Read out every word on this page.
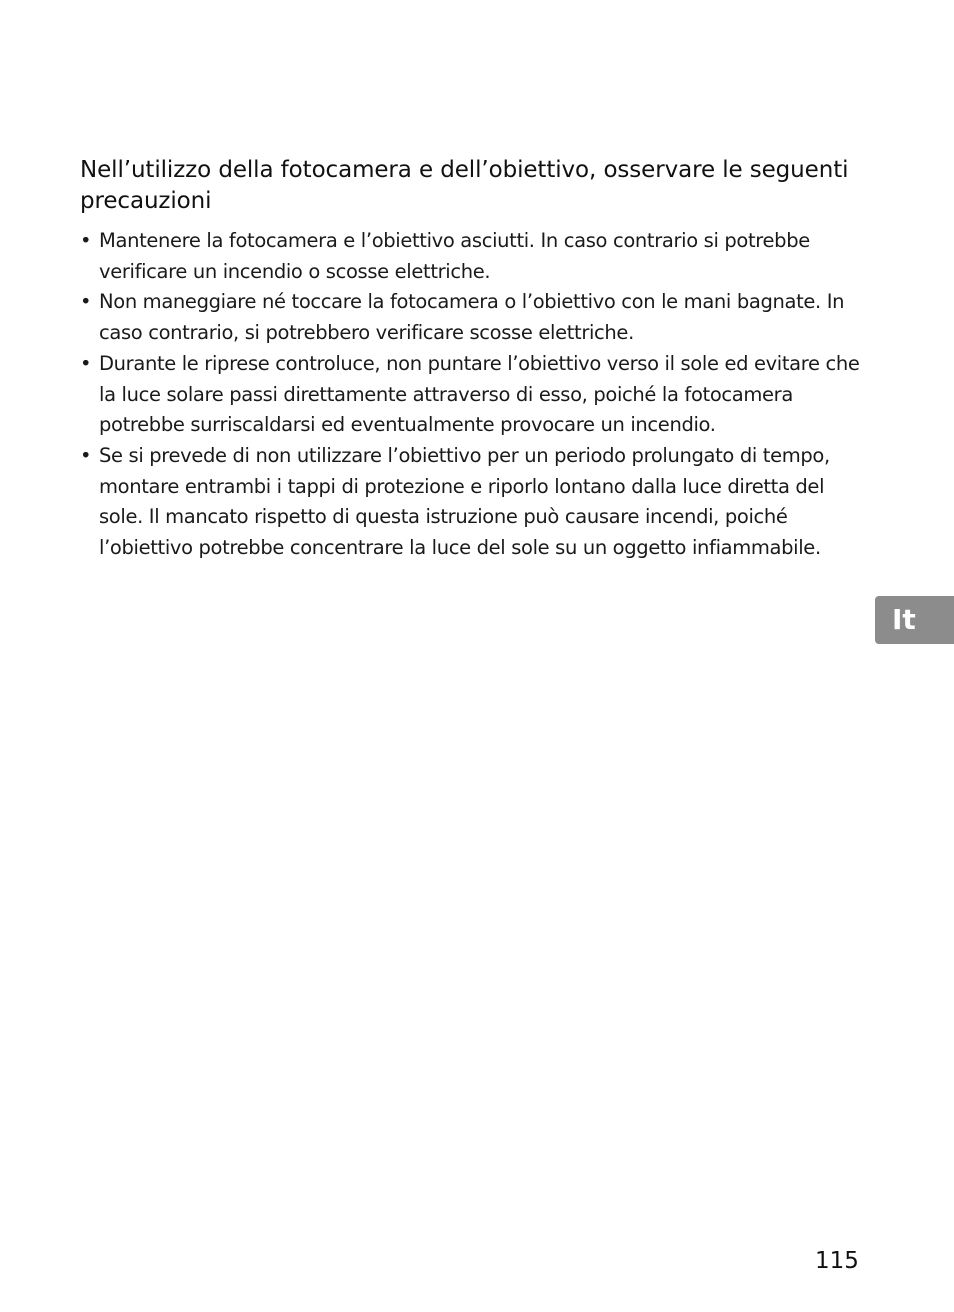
Nell’utilizzo della fotocamera e dell’obiettivo, osservare le seguenti precauzioni
• Mantenere la fotocamera e l’obiettivo asciutti. In caso contrario si potrebbe verificare un incendio o scosse elettriche.
• Non maneggiare né toccare la fotocamera o l’obiettivo con le mani bagnate. In caso contrario, si potrebbero verificare scosse elettriche.
• Durante le riprese controluce, non puntare l’obiettivo verso il sole ed evitare che la luce solare passi direttamente attraverso di esso, poiché la fotocamera potrebbe surriscaldarsi ed eventualmente provocare un incendio.
• Se si prevede di non utilizzare l’obiettivo per un periodo prolungato di tempo, montare entrambi i tappi di protezione e riporlo lontano dalla luce diretta del sole. Il mancato rispetto di questa istruzione può causare incendi, poiché l’obiettivo potrebbe concentrare la luce del sole su un oggetto infiammabile.
It
115
